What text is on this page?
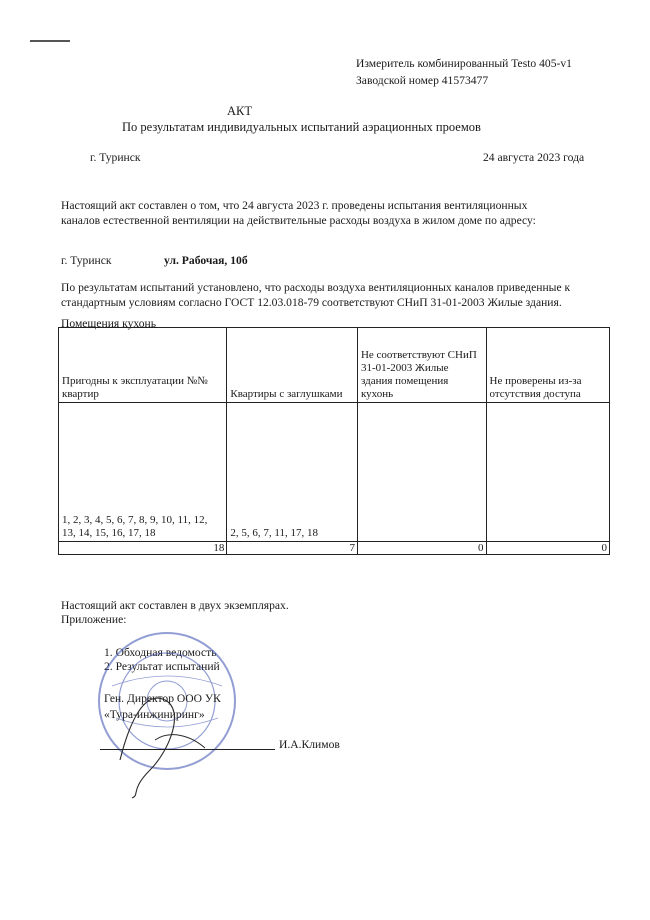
Измеритель комбинированный Testo 405-v1
Заводской номер 41573477
АКТ
По результатам индивидуальных испытаний аэрационных проемов
г. Туринск	24 августа 2023 года
Настоящий акт составлен о том, что 24 августа 2023 г. проведены испытания вентиляционных
каналов естественной вентиляции на действительные расходы воздуха в жилом доме по адресу:
г. Туринск	ул. Рабочая, 10б
По результатам испытаний установлено, что расходы воздуха вентиляционных каналов приведенные к
стандартным условиям согласно ГОСТ 12.03.018-79 соответствуют СНиП 31-01-2003 Жилые здания.
Помещения кухонь
Пригодны к эксплуатации №№ квартир	Квартиры с заглушками	Не соответствуют СНиП 31-01-2003 Жилые здания помещения кухонь	Не проверены из-за отсутствия доступа
1, 2, 3, 4, 5, 6, 7, 8, 9, 10, 11, 12, 13, 14, 15, 16, 17, 18	2, 5, 6, 7, 11, 17, 18		
18	7	0	0
Настоящий акт составлен в двух экземплярах.
Приложение:
1. Обходная ведомость
2. Результат испытаний
Ген. Директор ООО УК
«Тура-инжиниринг»
И.А.Климов
